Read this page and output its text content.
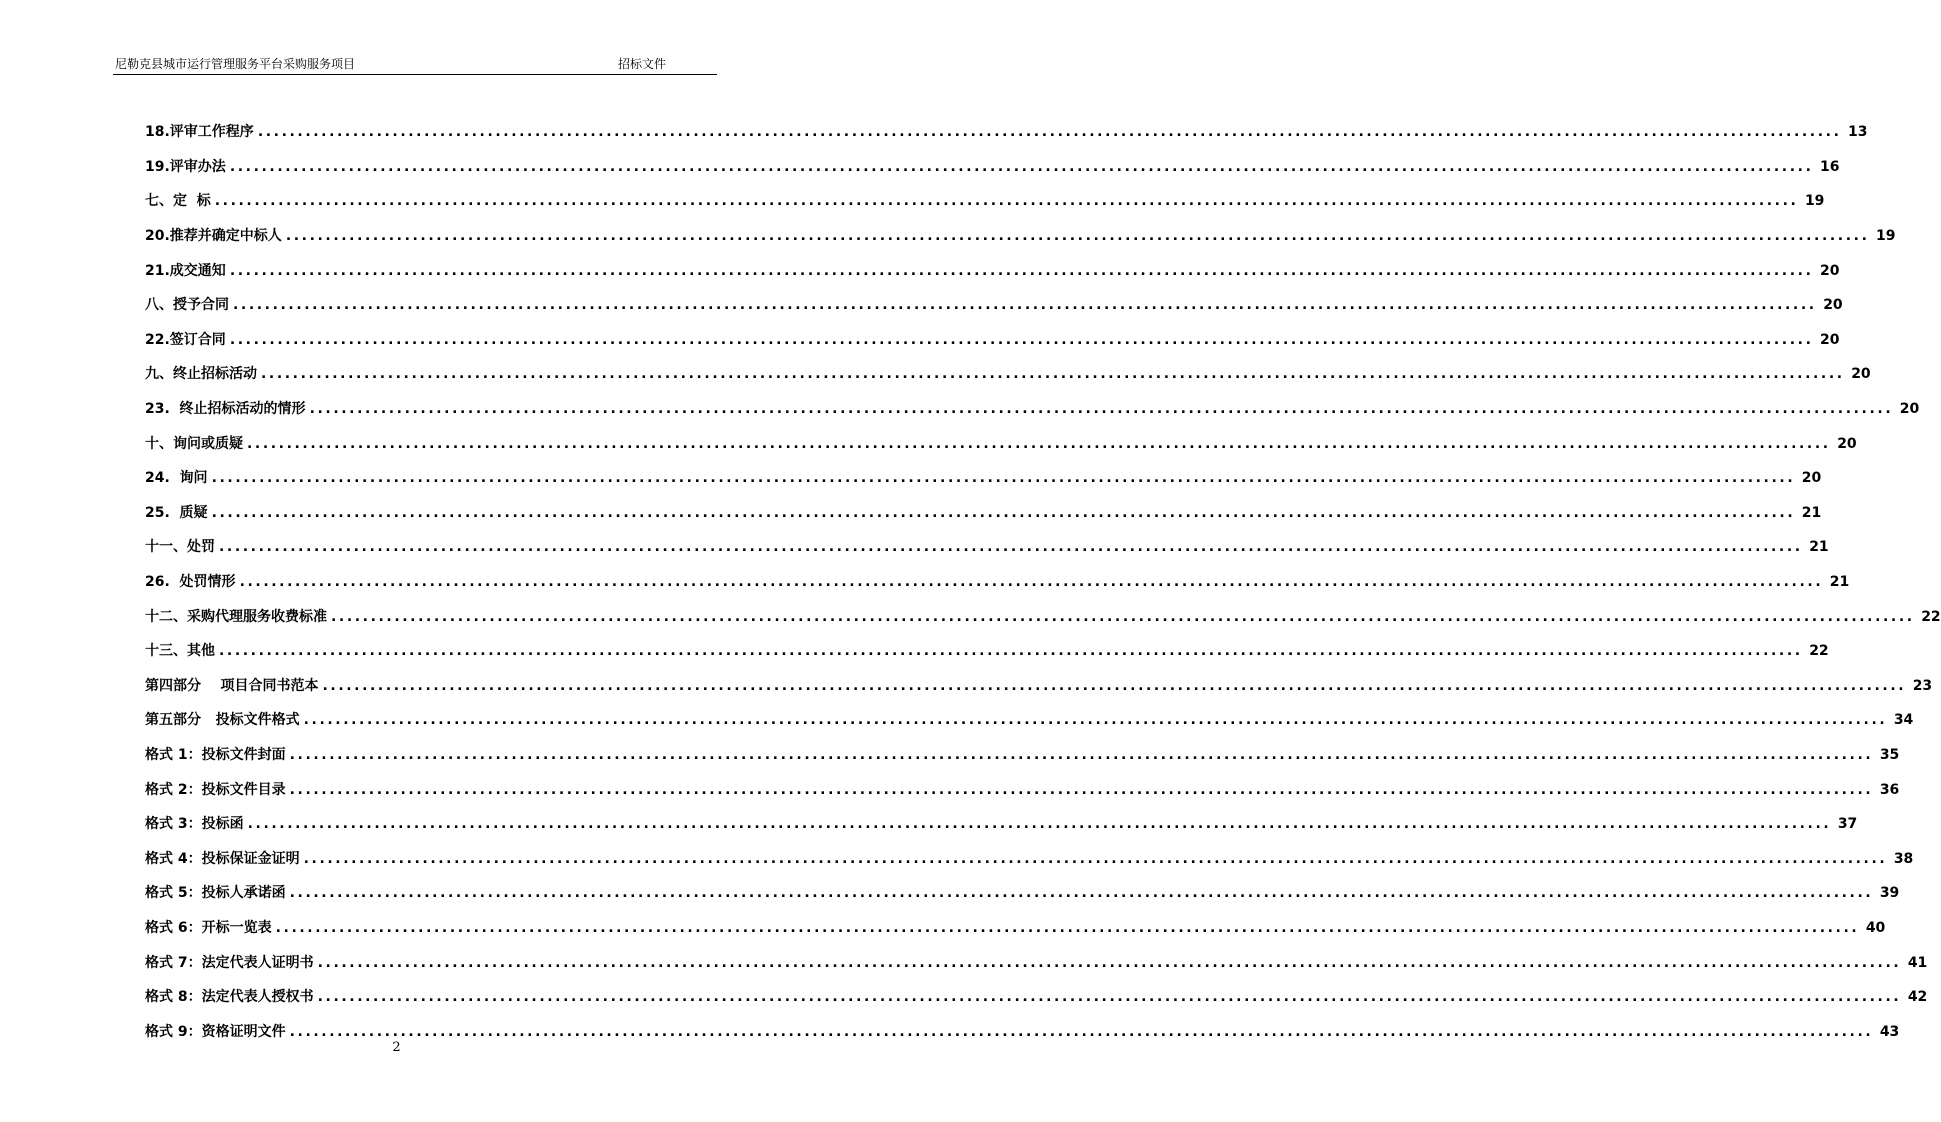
尼勒克县城市运行管理服务平台采购服务项目	招标文件
18.评审工作程序 ........................................................................................................................................................................................................ 13
19.评审办法 ........................................................................................................................................................................................................ 16
七、定  标 ........................................................................................................................................................................................................ 19
20.推荐并确定中标人 ........................................................................................................................................................................................................ 19
21.成交通知 ........................................................................................................................................................................................................ 20
八、授予合同 ........................................................................................................................................................................................................ 20
22.签订合同 ........................................................................................................................................................................................................ 20
九、终止招标活动 ........................................................................................................................................................................................................ 20
23.  终止招标活动的情形 ........................................................................................................................................................................................................ 20
十、询问或质疑 ........................................................................................................................................................................................................ 20
24.  询问 ........................................................................................................................................................................................................ 20
25.  质疑 ........................................................................................................................................................................................................ 21
十一、处罚 ........................................................................................................................................................................................................ 21
26.  处罚情形 ........................................................................................................................................................................................................ 21
十二、采购代理服务收费标准 ........................................................................................................................................................................................................ 22
十三、其他 ........................................................................................................................................................................................................ 22
第四部分    项目合同书范本 ........................................................................................................................................................................................................ 23
第五部分   投标文件格式 ........................................................................................................................................................................................................ 34
格式 1：投标文件封面 ........................................................................................................................................................................................................ 35
格式 2：投标文件目录 ........................................................................................................................................................................................................ 36
格式 3：投标函 ........................................................................................................................................................................................................ 37
格式 4：投标保证金证明 ........................................................................................................................................................................................................ 38
格式 5：投标人承诺函 ........................................................................................................................................................................................................ 39
格式 6：开标一览表 ........................................................................................................................................................................................................ 40
格式 7：法定代表人证明书 ........................................................................................................................................................................................................ 41
格式 8：法定代表人授权书 ........................................................................................................................................................................................................ 42
格式 9：资格证明文件 ........................................................................................................................................................................................................ 43
2
